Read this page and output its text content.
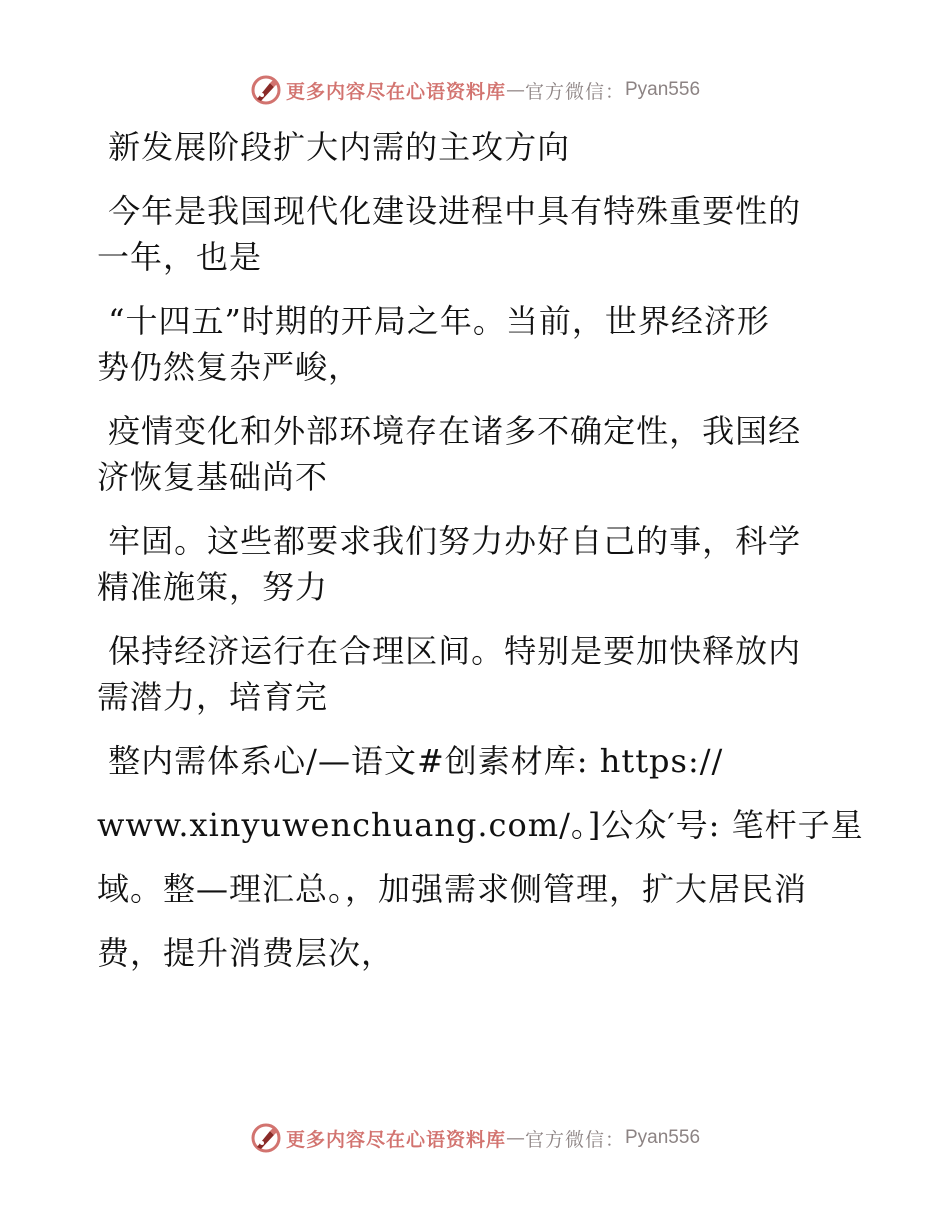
更多内容尽在心语资料库 — 官方微信： Pyan556
新发展阶段扩大内需的主攻方向
今年是我国现代化建设进程中具有特殊重要性的
一年，也是
“十四五”时期的开局之年。当前，世界经济形
势仍然复杂严峻，
疫情变化和外部环境存在诸多不确定性，我国经
济恢复基础尚不
牢固。这些都要求我们努力办好自己的事，科学
精准施策，努力
保持经济运行在合理区间。特别是要加快释放内
需潜力，培育完
整内需体系心/—语文#创素材库: https://
www.xinyuwenchuang.com/。]公众′号: 笔杆子星
域。整—理汇总。，加强需求侧管理，扩大居民消
费，提升消费层次，
更多内容尽在心语资料库 — 官方微信： Pyan556
